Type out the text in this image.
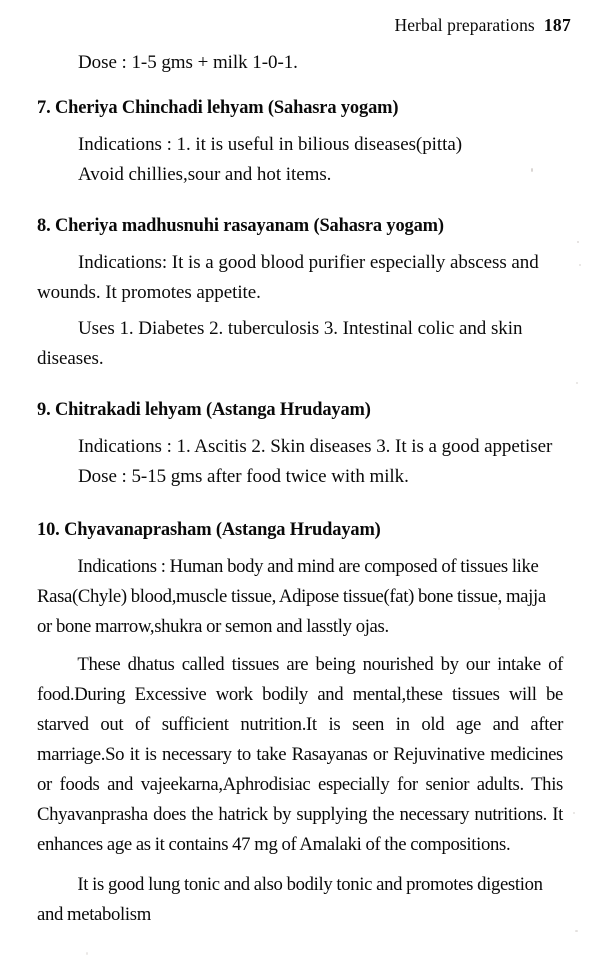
Herbal preparations 187

Dose : 1-5 gms + milk 1-0-1.

7. Cheriya Chinchadi lehyam (Sahasra yogam)

Indications : 1. it is useful in bilious diseases(pitta)

Avoid chillies,sour and hot items.

8. Cheriya madhusnuhi rasayanam (Sahasra yogam)

Indications: It is a good blood purifier especially abscess and wounds. It promotes appetite.

Uses 1. Diabetes 2. tuberculosis 3. Intestinal colic and skin diseases.

9. Chitrakadi lehyam (Astanga Hrudayam)

Indications : 1. Ascitis 2. Skin diseases 3. It is a good appetiser

Dose : 5-15 gms after food twice with milk.

10. Chyavanaprasham (Astanga Hrudayam)

Indications : Human body and mind are composed of tissues like Rasa(Chyle) blood,muscle tissue, Adipose tissue(fat) bone tissue, majja or bone marrow,shukra or semon and lasstly ojas.

These dhatus called tissues are being nourished by our intake of food.During Excessive work bodily and mental,these tissues will be starved out of sufficient nutrition.It is seen in old age and after marriage.So it is necessary to take Rasayanas or Rejuvinative medicines or foods and vajeekarna,Aphrodisiac especially for senior adults. This Chyavanprasha does the hatrick by supplying the necessary nutritions. It enhances age as it contains 47 mg of Amalaki of the compositions.

It is good lung tonic and also bodily tonic and promotes digestion and metabolism
